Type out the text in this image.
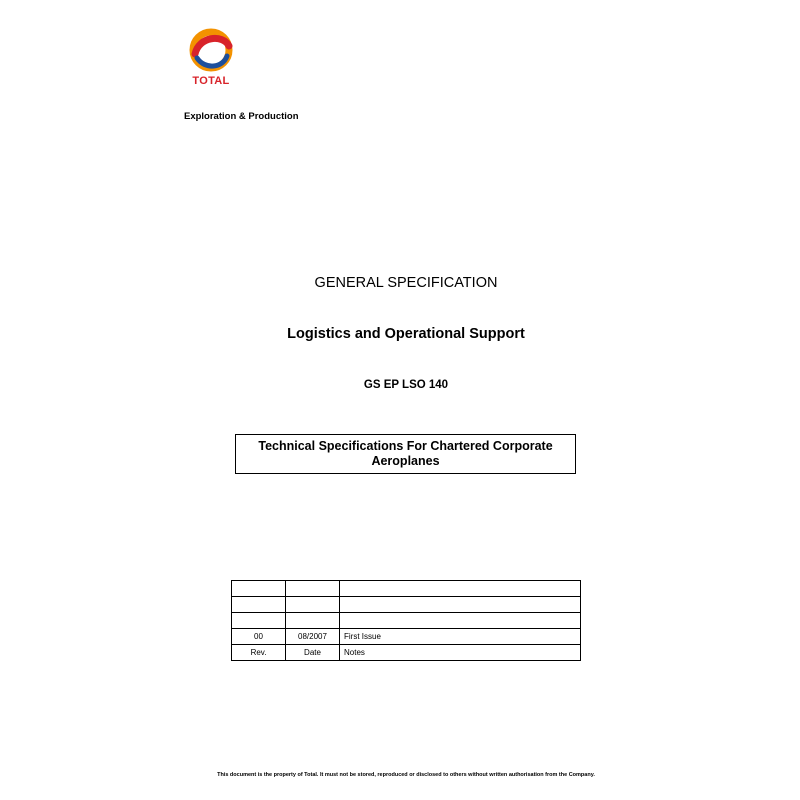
TOTAL
Exploration & Production
GENERAL SPECIFICATION
Logistics and Operational Support
GS EP LSO 140
Technical Specifications For Chartered Corporate
Aeroplanes

00	08/2007	First Issue
Rev.	Date	Notes
This document is the property of Total. It must not be stored, reproduced or disclosed to others without written authorisation from the Company.
